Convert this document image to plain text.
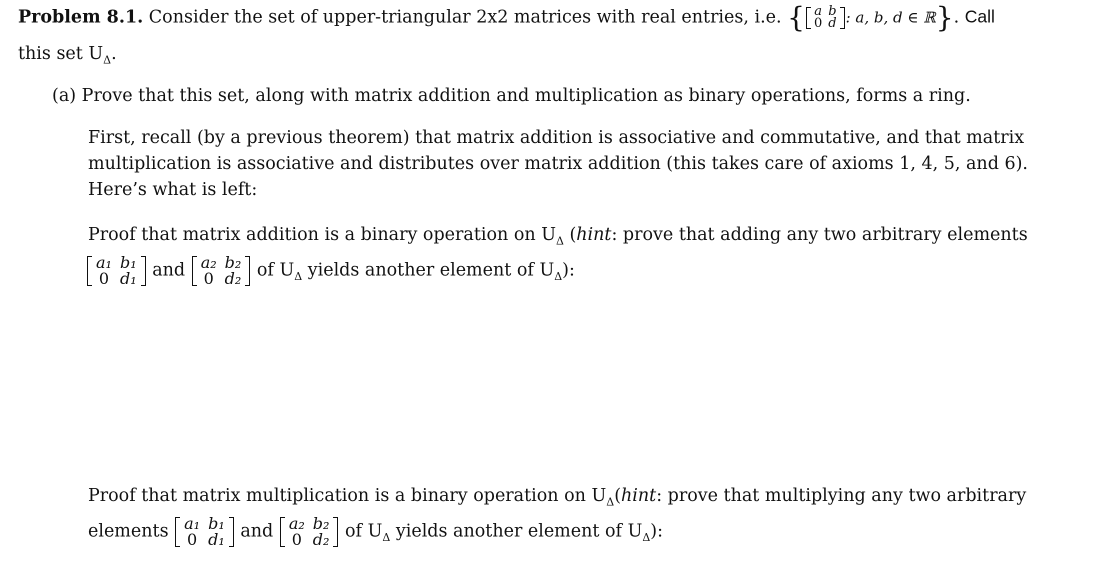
Problem 8.1. Consider the set of upper-triangular 2x2 matrices with real entries, i.e. { a	b
0	d : a, b, d ∈ ℝ}. Call
this set $U_\Delta$.
(a) Prove that this set, along with matrix addition and multiplication as binary operations, forms a ring.
First, recall (by a previous theorem) that matrix addition is associative and commutative, and that matrix
multiplication is associative and distributes over matrix addition (this takes care of axioms 1, 4, 5, and 6).
Here’s what is left:
Proof that matrix addition is a binary operation on $U_\Delta$ (hint: prove that adding any two arbitrary elements
a₁	b₁
0	d₁ and a₂	b₂
0	d₂ of $U_\Delta$ yields another element of $U_\Delta$):
Proof that matrix multiplication is a binary operation on $U_\Delta(hint$: prove that multiplying any two arbitrary
elements a₁	b₁
0	d₁ and a₂	b₂
0	d₂ of $U_\Delta$ yields another element of $U_\Delta$):
